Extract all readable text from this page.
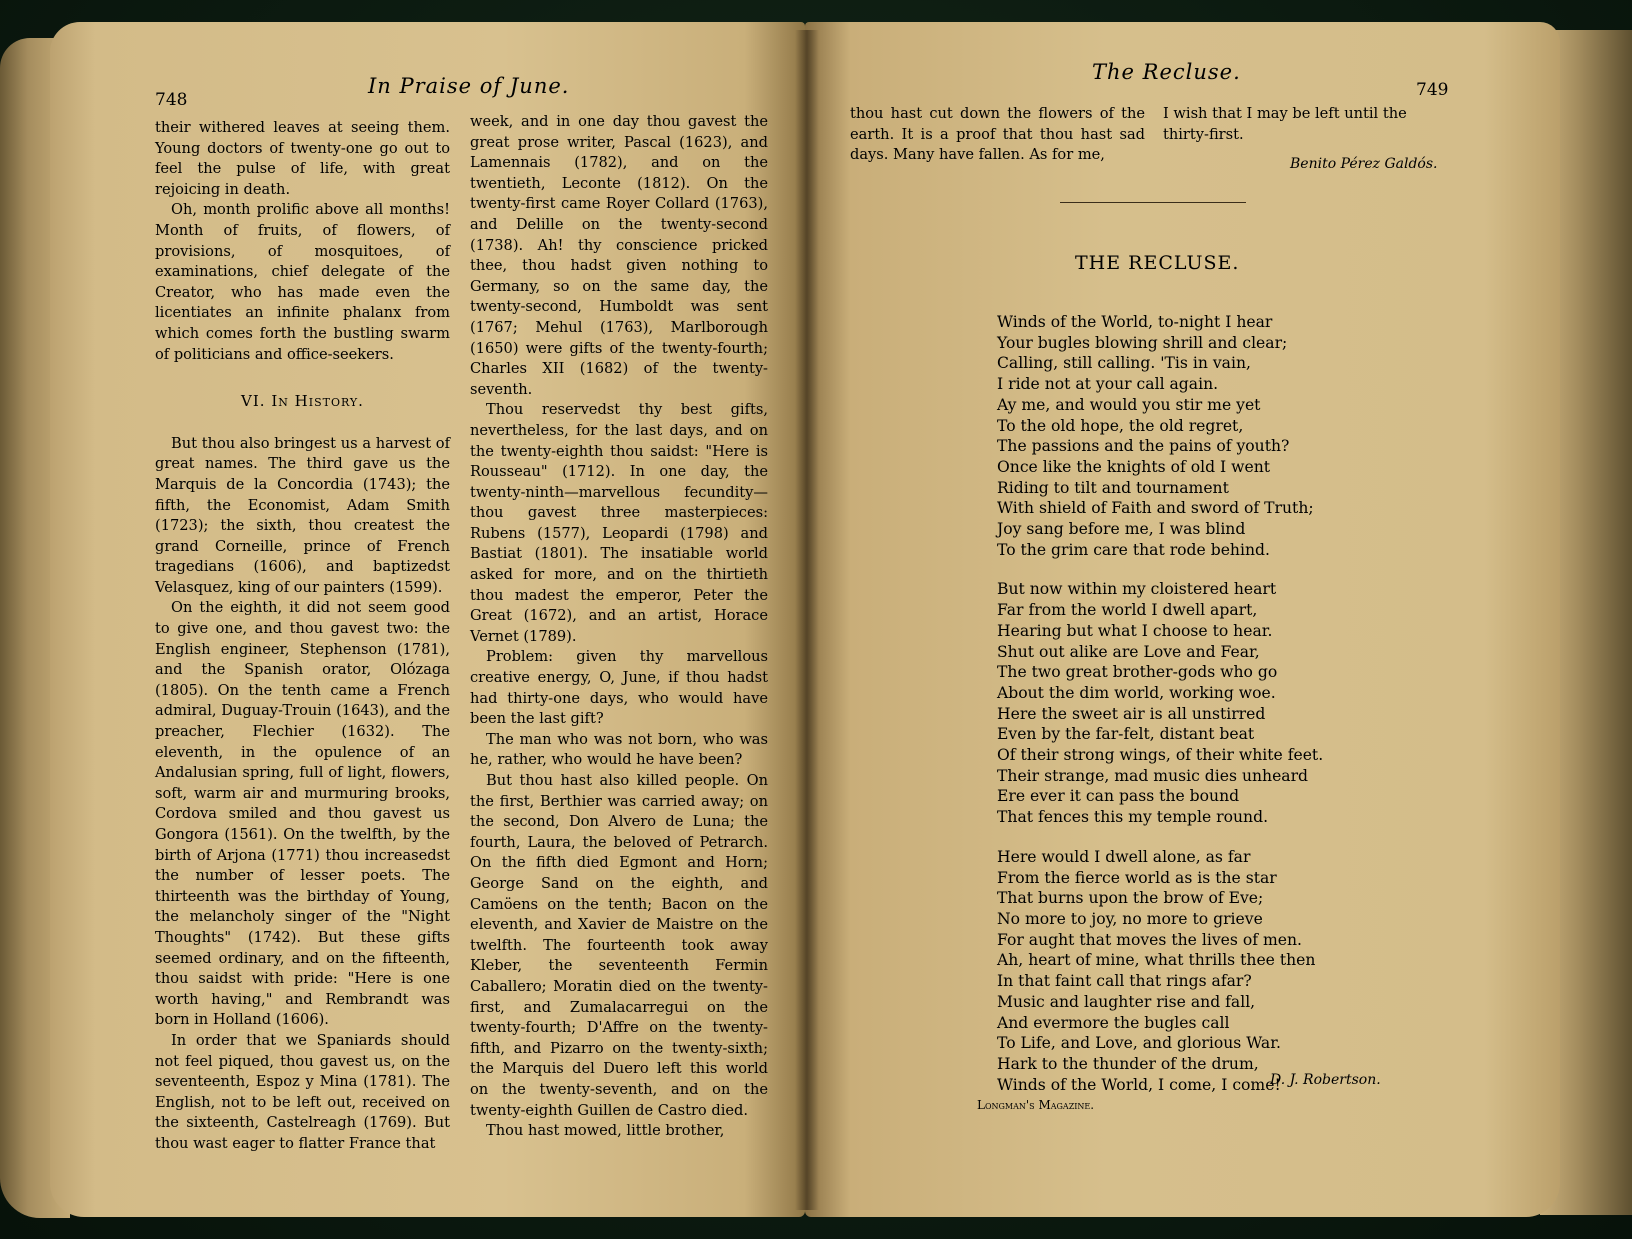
748
In Praise of June.

their withered leaves at seeing them. Young doctors of twenty-one go out to feel the pulse of life, with great rejoicing in death.

Oh, month prolific above all months! Month of fruits, of flowers, of provisions, of mosquitoes, of examinations, chief delegate of the Creator, who has made even the licentiates an infinite phalanx from which comes forth the bustling swarm of politicians and office-seekers.

VI. In History.

But thou also bringest us a harvest of great names. The third gave us the Marquis de la Concordia (1743); the fifth, the Economist, Adam Smith (1723); the sixth, thou createst the grand Corneille, prince of French tragedians (1606), and baptizedst Velasquez, king of our painters (1599).

On the eighth, it did not seem good to give one, and thou gavest two: the English engineer, Stephenson (1781), and the Spanish orator, Olózaga (1805). On the tenth came a French admiral, Duguay-Trouin (1643), and the preacher, Flechier (1632). The eleventh, in the opulence of an Andalusian spring, full of light, flowers, soft, warm air and murmuring brooks, Cordova smiled and thou gavest us Gongora (1561). On the twelfth, by the birth of Arjona (1771) thou increasedst the number of lesser poets. The thirteenth was the birthday of Young, the melancholy singer of the "Night Thoughts" (1742). But these gifts seemed ordinary, and on the fifteenth, thou saidst with pride: "Here is one worth having," and Rembrandt was born in Holland (1606).

In order that we Spaniards should not feel piqued, thou gavest us, on the seventeenth, Espoz y Mina (1781). The English, not to be left out, received on the sixteenth, Castelreagh (1769). But thou wast eager to flatter France that

week, and in one day thou gavest the great prose writer, Pascal (1623), and Lamennais (1782), and on the twentieth, Leconte (1812). On the twenty-first came Royer Collard (1763), and Delille on the twenty-second (1738). Ah! thy conscience pricked thee, thou hadst given nothing to Germany, so on the same day, the twenty-second, Humboldt was sent (1767; Mehul (1763), Marlborough (1650) were gifts of the twenty-fourth; Charles XII (1682) of the twenty-seventh.

Thou reservedst thy best gifts, nevertheless, for the last days, and on the twenty-eighth thou saidst: "Here is Rousseau" (1712). In one day, the twenty-ninth—marvellous fecundity—thou gavest three masterpieces: Rubens (1577), Leopardi (1798) and Bastiat (1801). The insatiable world asked for more, and on the thirtieth thou madest the emperor, Peter the Great (1672), and an artist, Horace Vernet (1789).

Problem: given thy marvellous creative energy, O, June, if thou hadst had thirty-one days, who would have been the last gift?

The man who was not born, who was he, rather, who would he have been?

But thou hast also killed people. On the first, Berthier was carried away; on the second, Don Alvero de Luna; the fourth, Laura, the beloved of Petrarch. On the fifth died Egmont and Horn; George Sand on the eighth, and Camöens on the tenth; Bacon on the eleventh, and Xavier de Maistre on the twelfth. The fourteenth took away Kleber, the seventeenth Fermin Caballero; Moratin died on the twenty-first, and Zumalacarregui on the twenty-fourth; D'Affre on the twenty-fifth, and Pizarro on the twenty-sixth; the Marquis del Duero left this world on the twenty-seventh, and on the twenty-eighth Guillen de Castro died.

Thou hast mowed, little brother,

The Recluse.
749

thou hast cut down the flowers of the earth. It is a proof that thou hast sad days. Many have fallen. As for me,

I wish that I may be left until the thirty-first.

Benito Pérez Galdós.
THE RECLUSE.
Winds of the World, to-night I hear
Your bugles blowing shrill and clear;
Calling, still calling. 'Tis in vain,
I ride not at your call again.
Ay me, and would you stir me yet
To the old hope, the old regret,
The passions and the pains of youth?
Once like the knights of old I went
Riding to tilt and tournament
With shield of Faith and sword of Truth;
Joy sang before me, I was blind
To the grim care that rode behind.
But now within my cloistered heart
Far from the world I dwell apart,
Hearing but what I choose to hear.
Shut out alike are Love and Fear,
The two great brother-gods who go
About the dim world, working woe.
Here the sweet air is all unstirred
Even by the far-felt, distant beat
Of their strong wings, of their white feet.
Their strange, mad music dies unheard
Ere ever it can pass the bound
That fences this my temple round.
Here would I dwell alone, as far
From the fierce world as is the star
That burns upon the brow of Eve;
No more to joy, no more to grieve
For aught that moves the lives of men.
Ah, heart of mine, what thrills thee then
In that faint call that rings afar?
Music and laughter rise and fall,
And evermore the bugles call
To Life, and Love, and glorious War.
Hark to the thunder of the drum,
Winds of the World, I come, I come!
D. J. Robertson.
Longman's Magazine.
